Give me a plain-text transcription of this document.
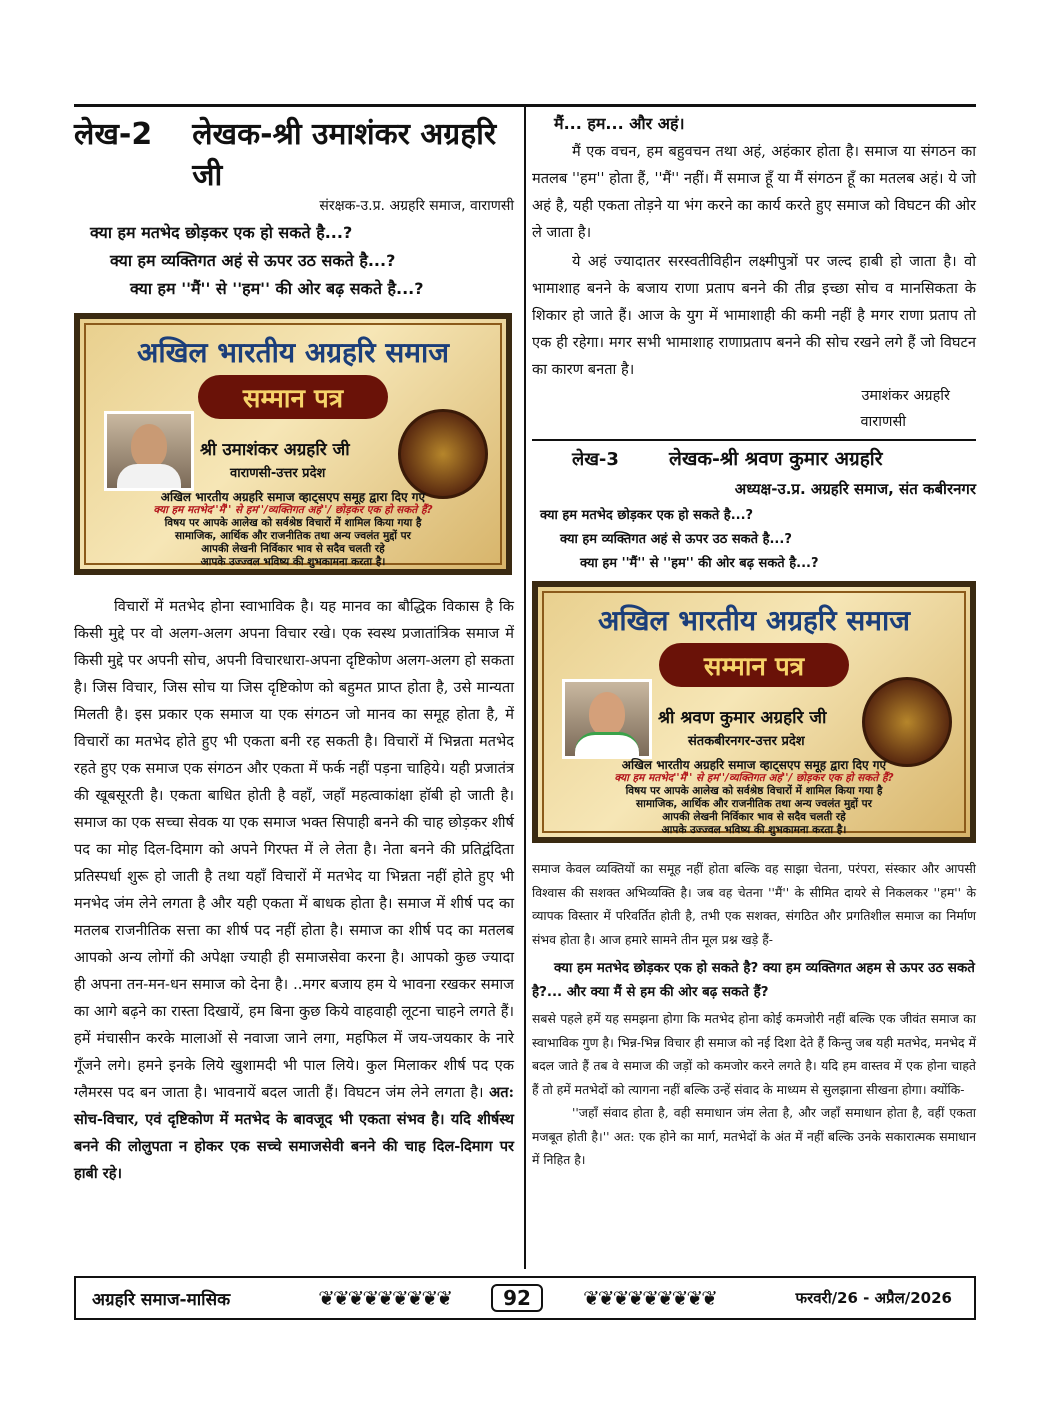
लेख-2 लेखक-श्री उमाशंकर अग्रहरि जी
संरक्षक-उ.प्र. अग्रहरि समाज, वाराणसी
क्या हम मतभेद छोड़कर एक हो सकते है...?
क्या हम व्यक्तिगत अहं से ऊपर उठ सकते है...?
क्या हम ''मैं'' से ''हम'' की ओर बढ़ सकते है...?
अखिल भारतीय अग्रहरि समाज
सम्मान पत्र
श्री उमाशंकर अग्रहरि जी
वाराणसी-उत्तर प्रदेश
अखिल भारतीय अग्रहरि समाज व्हाट्सएप समूह द्वारा दिए गए
क्या हम मतभेद''मैं'' से हम''/व्यक्तिगत अहं''/ छोड़कर एक हो सकते हैं?
विषय पर आपके आलेख को सर्वश्रेष्ठ विचारों में शामिल किया गया है
सामाजिक, आर्थिक और राजनीतिक तथा अन्य ज्वलंत मुद्दों पर
आपकी लेखनी निर्विकार भाव से सदैव चलती रहे
आपके उज्ज्वल भविष्य की शुभकामना करता है।

विचारों में मतभेद होना स्वाभाविक है। यह मानव का बौद्धिक विकास है कि किसी मुद्दे पर वो अलग-अलग अपना विचार रखे। एक स्वस्थ प्रजातांत्रिक समाज में किसी मुद्दे पर अपनी सोच, अपनी विचारधारा-अपना दृष्टिकोण अलग-अलग हो सकता है। जिस विचार, जिस सोच या जिस दृष्टिकोण को बहुमत प्राप्त होता है, उसे मान्यता मिलती है। इस प्रकार एक समाज या एक संगठन जो मानव का समूह होता है, में विचारों का मतभेद होते हुए भी एकता बनी रह सकती है। विचारों में भिन्नता मतभेद रहते हुए एक समाज एक संगठन और एकता में फर्क नहीं पड़ना चाहिये। यही प्रजातंत्र की खूबसूरती है। एकता बाधित होती है वहाँ, जहाँ महत्वाकांक्षा हॉबी हो जाती है। समाज का एक सच्चा सेवक या एक समाज भक्त सिपाही बनने की चाह छोड़कर शीर्ष पद का मोह दिल-दिमाग को अपने गिरफ्त में ले लेता है। नेता बनने की प्रतिद्वंदिता प्रतिस्पर्धा शुरू हो जाती है तथा यहाँ विचारों में मतभेद या भिन्नता नहीं होते हुए भी मनभेद जंम लेने लगता है और यही एकता में बाधक होता है। समाज में शीर्ष पद का मतलब राजनीतिक सत्ता का शीर्ष पद नहीं होता है। समाज का शीर्ष पद का मतलब आपको अन्य लोगों की अपेक्षा ज्याही ही समाजसेवा करना है। आपको कुछ ज्यादा ही अपना तन-मन-धन समाज को देना है। ..मगर बजाय हम ये भावना रखकर समाज का आगे बढ़ने का रास्ता दिखायें, हम बिना कुछ किये वाहवाही लूटना चाहने लगते हैं। हमें मंचासीन करके मालाओं से नवाजा जाने लगा, महफिल में जय-जयकार के नारे गूँजने लगे। हमने इनके लिये खुशामदी भी पाल लिये। कुल मिलाकर शीर्ष पद एक ग्लैमरस पद बन जाता है। भावनायें बदल जाती हैं। विघटन जंम लेने लगता है। अत: सोच-विचार, एवं दृष्टिकोण में मतभेद के बावजूद भी एकता संभव है। यदि शीर्षस्थ बनने की लोलुपता न होकर एक सच्चे समाजसेवी बनने की चाह दिल-दिमाग पर हाबी रहे।

मैं... हम... और अहं।

मैं एक वचन, हम बहुवचन तथा अहं, अहंकार होता है। समाज या संगठन का मतलब ''हम'' होता हैं, ''मैं'' नहीं। मैं समाज हूँ या मैं संगठन हूँ का मतलब अहं। ये जो अहं है, यही एकता तोड़ने या भंग करने का कार्य करते हुए समाज को विघटन की ओर ले जाता है।

ये अहं ज्यादातर सरस्वतीविहीन लक्ष्मीपुत्रों पर जल्द हाबी हो जाता है। वो भामाशाह बनने के बजाय राणा प्रताप बनने की तीव्र इच्छा सोच व मानसिकता के शिकार हो जाते हैं। आज के युग में भामाशाही की कमी नहीं है मगर राणा प्रताप तो एक ही रहेगा। मगर सभी भामाशाह राणाप्रताप बनने की सोच रखने लगे हैं जो विघटन का कारण बनता है।

उमाशंकर अग्रहरि
वाराणसी
लेख-3	लेखक-श्री श्रवण कुमार अग्रहरि
अध्यक्ष-उ.प्र. अग्रहरि समाज, संत कबीरनगर
क्या हम मतभेद छोड़कर एक हो सकते है...?
क्या हम व्यक्तिगत अहं से ऊपर उठ सकते है...?
क्या हम ''मैं'' से ''हम'' की ओर बढ़ सकते है...?
अखिल भारतीय अग्रहरि समाज
सम्मान पत्र
श्री श्रवण कुमार अग्रहरि जी
संतकबीरनगर-उत्तर प्रदेश
अखिल भारतीय अग्रहरि समाज व्हाट्सएप समूह द्वारा दिए गए
क्या हम मतभेद''मैं'' से हम''/व्यक्तिगत अहं''/ छोड़कर एक हो सकते हैं?
विषय पर आपके आलेख को सर्वश्रेष्ठ विचारों में शामिल किया गया है
सामाजिक, आर्थिक और राजनीतिक तथा अन्य ज्वलंत मुद्दों पर
आपकी लेखनी निर्विकार भाव से सदैव चलती रहे
आपके उज्ज्वल भविष्य की शुभकामना करता है।

समाज केवल व्यक्तियों का समूह नहीं होता बल्कि वह साझा चेतना, परंपरा, संस्कार और आपसी विश्वास की सशक्त अभिव्यक्ति है। जब वह चेतना ''मैं'' के सीमित दायरे से निकलकर ''हम'' के व्यापक विस्तार में परिवर्तित होती है, तभी एक सशक्त, संगठित और प्रगतिशील समाज का निर्माण संभव होता है। आज हमारे सामने तीन मूल प्रश्न खड़े हैं-

क्या हम मतभेद छोड़कर एक हो सकते है? क्या हम व्यक्तिगत अहम से ऊपर उठ सकते है?... और क्या मैं से हम की ओर बढ़ सकते हैं?

सबसे पहले हमें यह समझना होगा कि मतभेद होना कोई कमजोरी नहीं बल्कि एक जीवंत समाज का स्वाभाविक गुण है। भिन्न-भिन्न विचार ही समाज को नई दिशा देते हैं किन्तु जब यही मतभेद, मनभेद में बदल जाते हैं तब वे समाज की जड़ों को कमजोर करने लगते है। यदि हम वास्तव में एक होना चाहते हैं तो हमें मतभेदों को त्यागना नहीं बल्कि उन्हें संवाद के माध्यम से सुलझाना सीखना होगा। क्योंकि-

''जहाँ संवाद होता है, वही समाधान जंम लेता है, और जहाँ समाधान होता है, वहीं एकता मजबूत होती है।'' अत: एक होने का मार्ग, मतभेदों के अंत में नहीं बल्कि उनके सकारात्मक समाधान में निहित है।

अग्रहरि समाज-मासिक	❦❦❦❦❦❦❦❦❦	92	❦❦❦❦❦❦❦❦❦	फरवरी/26 - अप्रैल/2026
